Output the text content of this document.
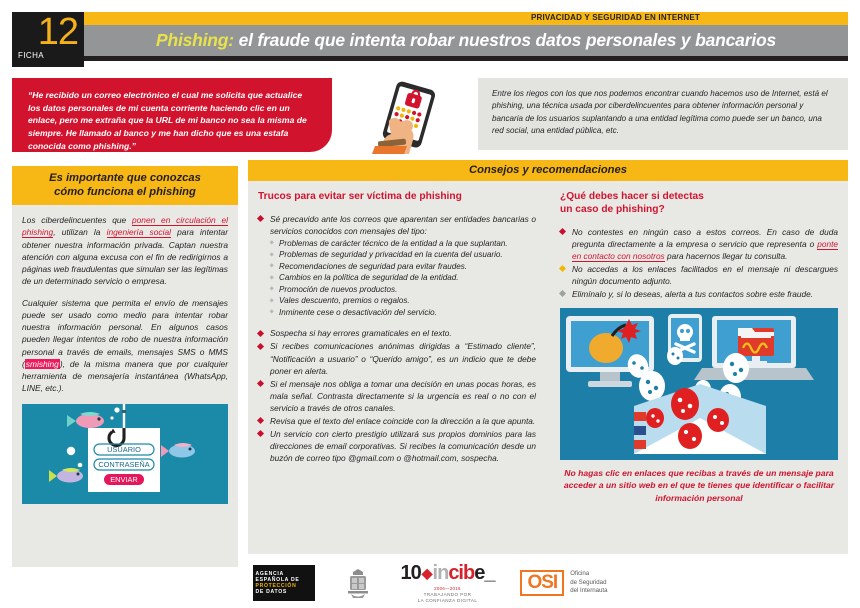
FICHA
12	PRIVACIDAD Y SEGURIDAD EN INTERNET
Phishing: el fraude que intenta robar nuestros datos personales y bancarios
“He recibido un correo electrónico el cual me solicita que actualice los datos personales de mi cuenta corriente haciendo clic en un enlace, pero me extraña que la URL de mi banco no sea la misma de siempre. He llamado al banco y me han dicho que es una estafa conocida como phishing.”
Entre los riegos con los que nos podemos encontrar cuando hacemos uso de Internet, está el phishing, una técnica usada por ciberdelincuentes para obtener información personal y bancaria de los usuarios suplantando a una entidad legítima como puede ser un banco, una red social, una entidad pública, etc.
Es importante que conozcas
cómo funciona el phishing
Los ciberdelincuentes que ponen en circulación el phishing, utilizan la ingeniería social para intentar obtener nuestra información privada. Captan nuestra atención con alguna excusa con el fin de redirigirnos a páginas web fraudulentas que simulan ser las legítimas de un determinado servicio o empresa.
Cualquier sistema que permita el envío de mensajes puede ser usado como medio para intentar robar nuestra información personal. En algunos casos pueden llegar intentos de robo de nuestra información personal a través de emails, mensajes SMS o MMS (smishing), de la misma manera que por cualquier herramienta de mensajería instantánea (WhatsApp, LINE, etc.).
USUARIO
CONTRASEÑA
ENVIAR
Consejos y recomendaciones
Trucos para evitar ser víctima de phishing
Sé precavido ante los correos que aparentan ser entidades bancarias o servicios conocidos con mensajes del tipo:
Problemas de carácter técnico de la entidad a la que suplantan.
Problemas de seguridad y privacidad en la cuenta del usuario.
Recomendaciones de seguridad para evitar fraudes.
Cambios en la política de seguridad de la entidad.
Promoción de nuevos productos.
Vales descuento, premios o regalos.
Inminente cese o desactivación del servicio.
Sospecha si hay errores gramaticales en el texto.
Si recibes comunicaciones anónimas dirigidas a “Estimado cliente”, “Notificación a usuario” o “Querido amigo”, es un indicio que te debe poner en alerta.
Si el mensaje nos obliga a tomar una decisión en unas pocas horas, es mala señal. Contrasta directamente si la urgencia es real o no con el servicio a través de otros canales.
Revisa que el texto del enlace coincide con la dirección a la que apunta.
Un servicio con cierto prestigio utilizará sus propios dominios para las direcciones de email corporativas. Si recibes la comunicación desde un buzón de correo tipo @gmail.com o @hotmail.com, sospecha.
¿Qué debes hacer si detectas
un caso de phishing?
No contestes en ningún caso a estos correos. En caso de duda pregunta directamente a la empresa o servicio que representa o ponte en contacto con nosotros para hacernos llegar tu consulta.
No accedas a los enlaces facilitados en el mensaje ni descargues ningún documento adjunto.
Elimínalo y, si lo deseas, alerta a tus contactos sobre este fraude.
No hagas clic en enlaces que recibas a través de un mensaje para acceder a un sitio web en el que te tienes que identificar o facilitar información personal
AGENCIA
ESPAÑOLA DE
PROTECCIÓN
DE DATOS
10 ◆ in cib e_
2006—2016
TRABAJANDO POR
LA CONFIANZA DIGITAL
OSI	Oficina
de Seguridad
del Internauta
